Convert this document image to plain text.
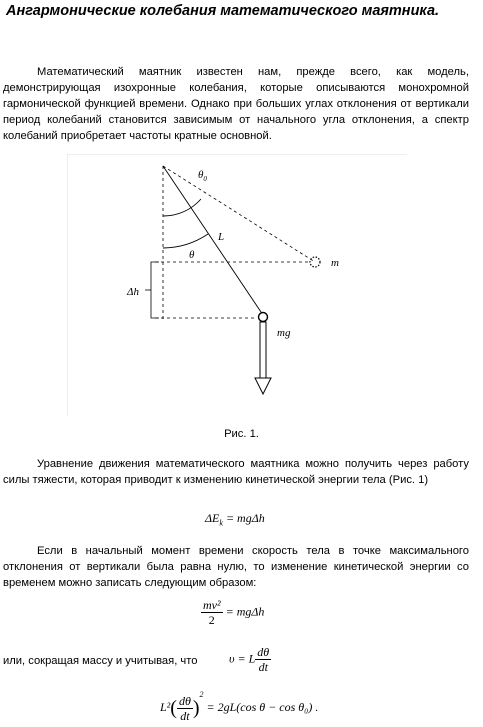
Ангармонические колебания математического маятника.
Математический маятник известен нам, прежде всего, как модель, демонстрирующая изохронные колебания, которые описываются монохромной гармонической функцией времени. Однако при больших углах отклонения от вертикали период колебаний становится зависимым от начального угла отклонения, а спектр колебаний приобретает частоты кратные основной.
$\theta_0$
θ
L
m
Δh
mg
Рис. 1.
Уравнение движения математического маятника можно получить через работу силы тяжести, которая приводит к изменению кинетической энергии тела (Рис. 1)
$\Delta E_k = mg\Delta h$
Если в начальный момент времени скорость тела в точке максимального отклонения от вертикали была равна нулю, то изменение кинетической энергии со временем можно записать следующим образом:
$\frac{\text{mv²}}{2} = mg\Delta h$
или, сокращая массу и учитывая, что	υ = L $\frac{d\theta}{dt}$
$L^2( \frac{d\theta}{dt} )^2 = 2gL(\cos$ θ − cos θ₀) .
